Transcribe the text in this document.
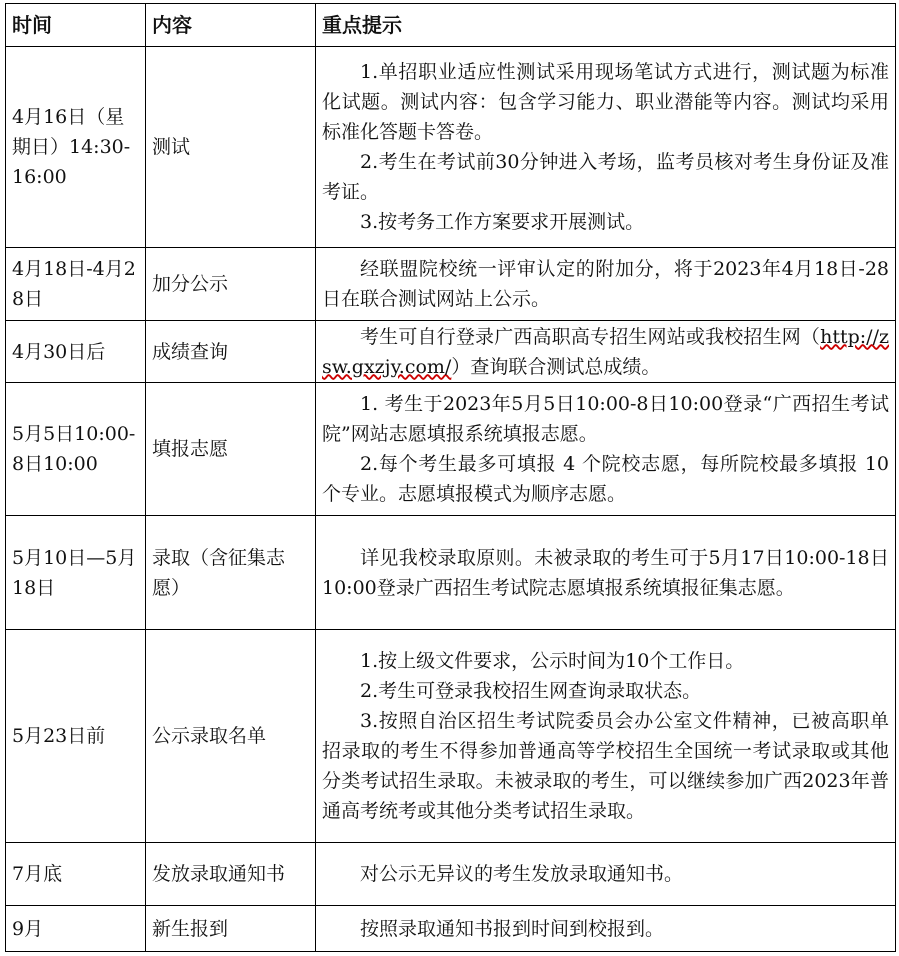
时间	内容	重点提示
4月16日（星期日）14:30-16:00	测试	1.单招职业适应性测试采用现场笔试方式进行，测试题为标准化试题。测试内容：包含学习能力、职业潜能等内容。测试均采用标准化答题卡答卷。

2.考生在考试前30分钟进入考场，监考员核对考生身份证及准考证。

3.按考务工作方案要求开展测试。

4月18日-4月28日	加分公示	经联盟院校统一评审认定的附加分，将于2023年4月18日-28日在联合测试网站上公示。

4月30日后	成绩查询	考生可自行登录广西高职高专招生网站或我校招生网（http://zsw.gxzjy.com/）查询联合测试总成绩。

5月5日10:00-8日10:00	填报志愿	1. 考生于2023年5月5日10:00-8日10:00登录“广西招生考试院”网站志愿填报系统填报志愿。

2.每个考生最多可填报 4 个院校志愿，每所院校最多填报 10 个专业。志愿填报模式为顺序志愿。

5月10日—5月18日	录取（含征集志愿）	详见我校录取原则。未被录取的考生可于5月17日10:00-18日10:00登录广西招生考试院志愿填报系统填报征集志愿。

5月23日前	公示录取名单	1.按上级文件要求，公示时间为10个工作日。

2.考生可登录我校招生网查询录取状态。

3.按照自治区招生考试院委员会办公室文件精神，已被高职单招录取的考生不得参加普通高等学校招生全国统一考试录取或其他分类考试招生录取。未被录取的考生，可以继续参加广西2023年普通高考统考或其他分类考试招生录取。

7月底	发放录取通知书	对公示无异议的考生发放录取通知书。

9月	新生报到	按照录取通知书报到时间到校报到。
